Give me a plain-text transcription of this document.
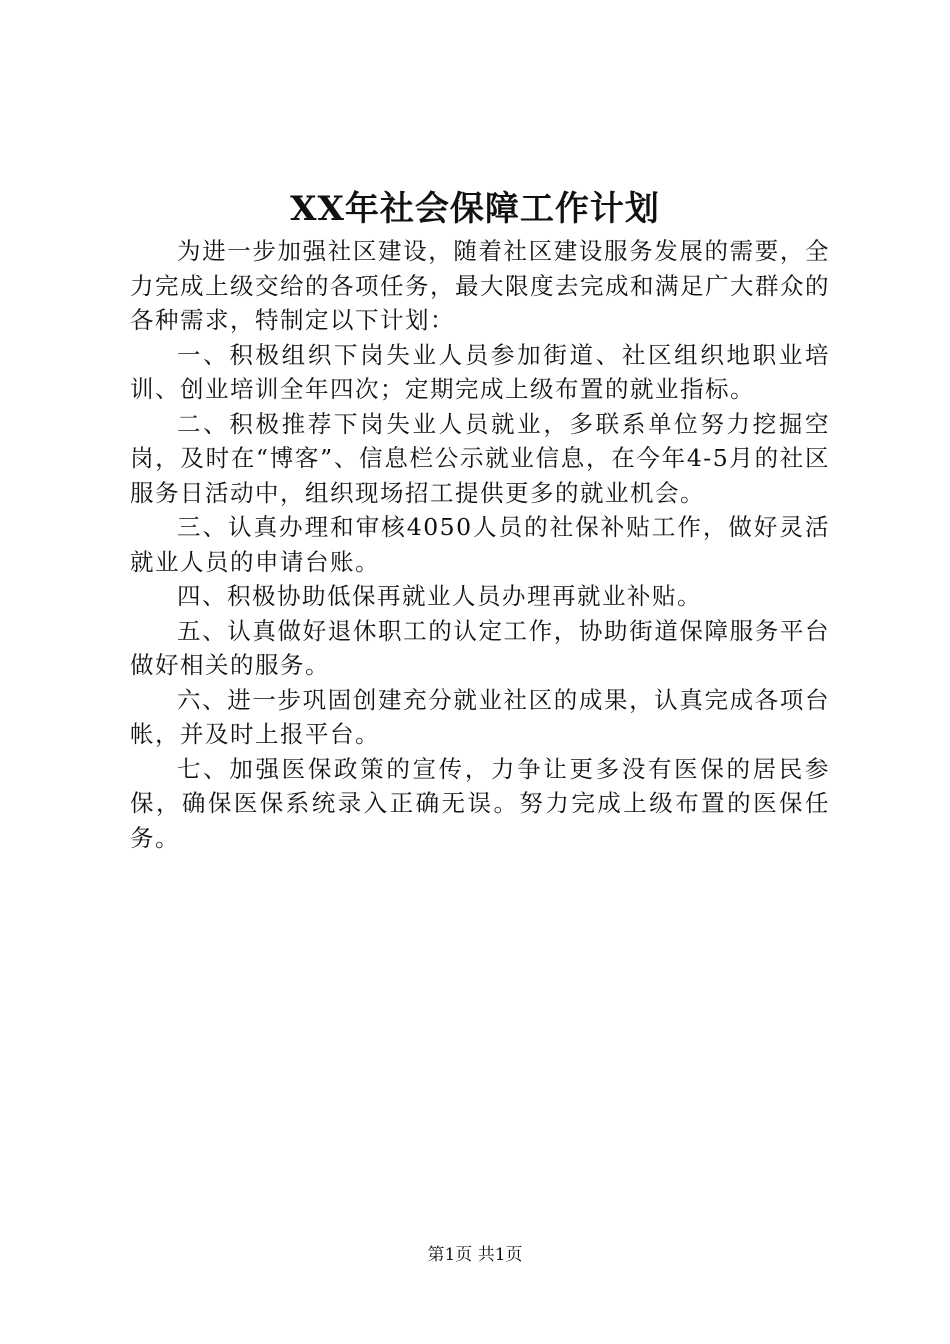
XX年社会保障工作计划

为进一步加强社区建设，随着社区建设服务发展的需要，全力完成上级交给的各项任务，最大限度去完成和满足广大群众的各种需求，特制定以下计划：

一、积极组织下岗失业人员参加街道、社区组织地职业培训、创业培训全年四次；定期完成上级布置的就业指标。

二、积极推荐下岗失业人员就业，多联系单位努力挖掘空岗，及时在“博客”、信息栏公示就业信息，在今年4-5月的社区服务日活动中，组织现场招工提供更多的就业机会。

三、认真办理和审核4050人员的社保补贴工作，做好灵活就业人员的申请台账。

四、积极协助低保再就业人员办理再就业补贴。

五、认真做好退休职工的认定工作，协助街道保障服务平台做好相关的服务。

六、进一步巩固创建充分就业社区的成果，认真完成各项台帐，并及时上报平台。

七、加强医保政策的宣传，力争让更多没有医保的居民参保，确保医保系统录入正确无误。努力完成上级布置的医保任务。

第1页 共1页
